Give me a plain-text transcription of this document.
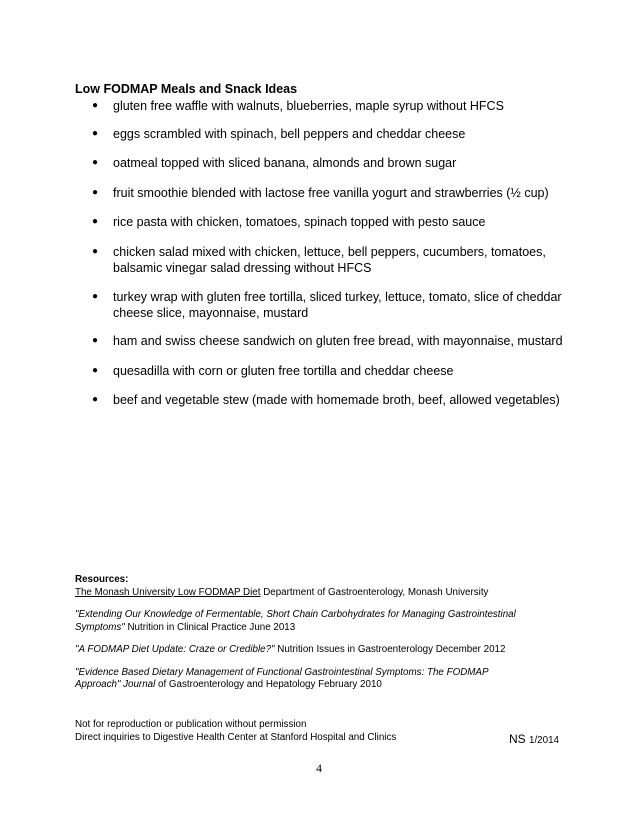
Low FODMAP Meals and Snack Ideas
●	gluten free waffle with walnuts, blueberries, maple syrup without HFCS
●	eggs scrambled with spinach, bell peppers and cheddar cheese
●	oatmeal topped with sliced banana, almonds and brown sugar
●	fruit smoothie blended with lactose free vanilla yogurt and strawberries (½ cup)
●	rice pasta with chicken, tomatoes, spinach topped with pesto sauce
●	chicken salad mixed with chicken, lettuce, bell peppers, cucumbers, tomatoes,
balsamic vinegar salad dressing without HFCS
●	turkey wrap with gluten free tortilla, sliced turkey, lettuce, tomato, slice of cheddar
cheese slice, mayonnaise, mustard
●	ham and swiss cheese sandwich on gluten free bread, with mayonnaise, mustard
●	quesadilla with corn or gluten free tortilla and cheddar cheese
●	beef and vegetable stew (made with homemade broth, beef, allowed vegetables)
Resources:

The Monash University Low FODMAP Diet Department of Gastroenterology, Monash University

"Extending Our Knowledge of Fermentable, Short Chain Carbohydrates for Managing Gastrointestinal
Symptoms" Nutrition in Clinical Practice June 2013

"A FODMAP Diet Update: Craze or Credible?" Nutrition Issues in Gastroenterology December 2012

"Evidence Based Dietary Management of Functional Gastrointestinal Symptoms: The FODMAP
Approach" Journal of Gastroenterology and Hepatology February 2010

Not for reproduction or publication without permission
Direct inquiries to Digestive Health Center at Stanford Hospital and Clinics	NS 1/2014
4
